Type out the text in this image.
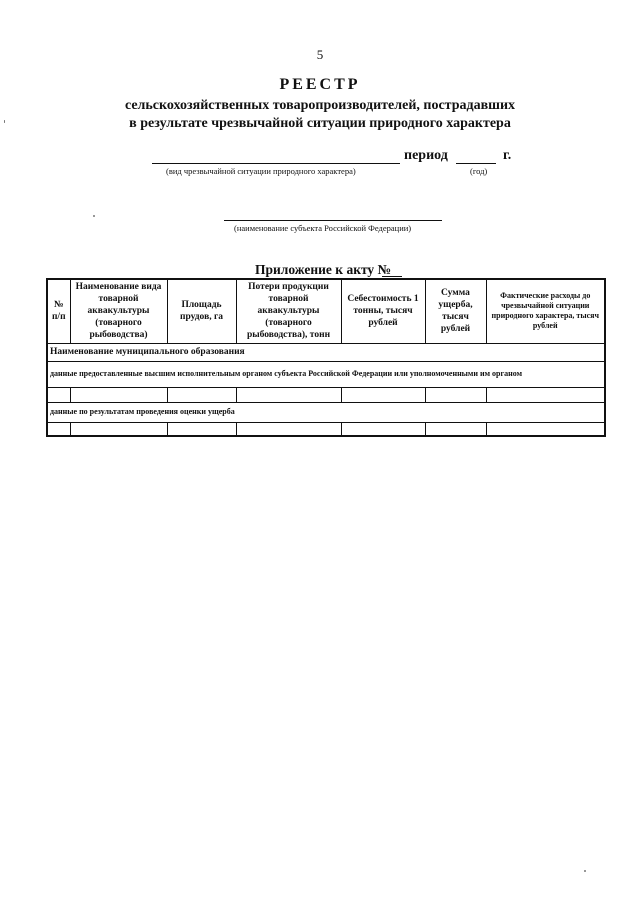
5
РЕЕСТР
сельскохозяйственных товаропроизводителей, пострадавших
в результате чрезвычайной ситуации природного характера
период	г.
(вид чрезвычайной ситуации природного характера)	(год)
(наименование субъекта Российской Федерации)
Приложение к акту №
№ п/п	Наименование вида товарной аквакультуры (товарного рыбоводства)	Площадь прудов, га	Потери продукции товарной аквакультуры (товарного рыбоводства), тонн	Себестоимость 1 тонны, тысяч рублей	Сумма ущерба, тысяч рублей	Фактические расходы до чрезвычайной ситуации природного характера, тысяч рублей
Наименование муниципального образования						
данные предоставленные высшим исполнительным органом субъекта Российской Федерации или уполномоченными им органом						

данные по результатам проведения оценки ущерба						
